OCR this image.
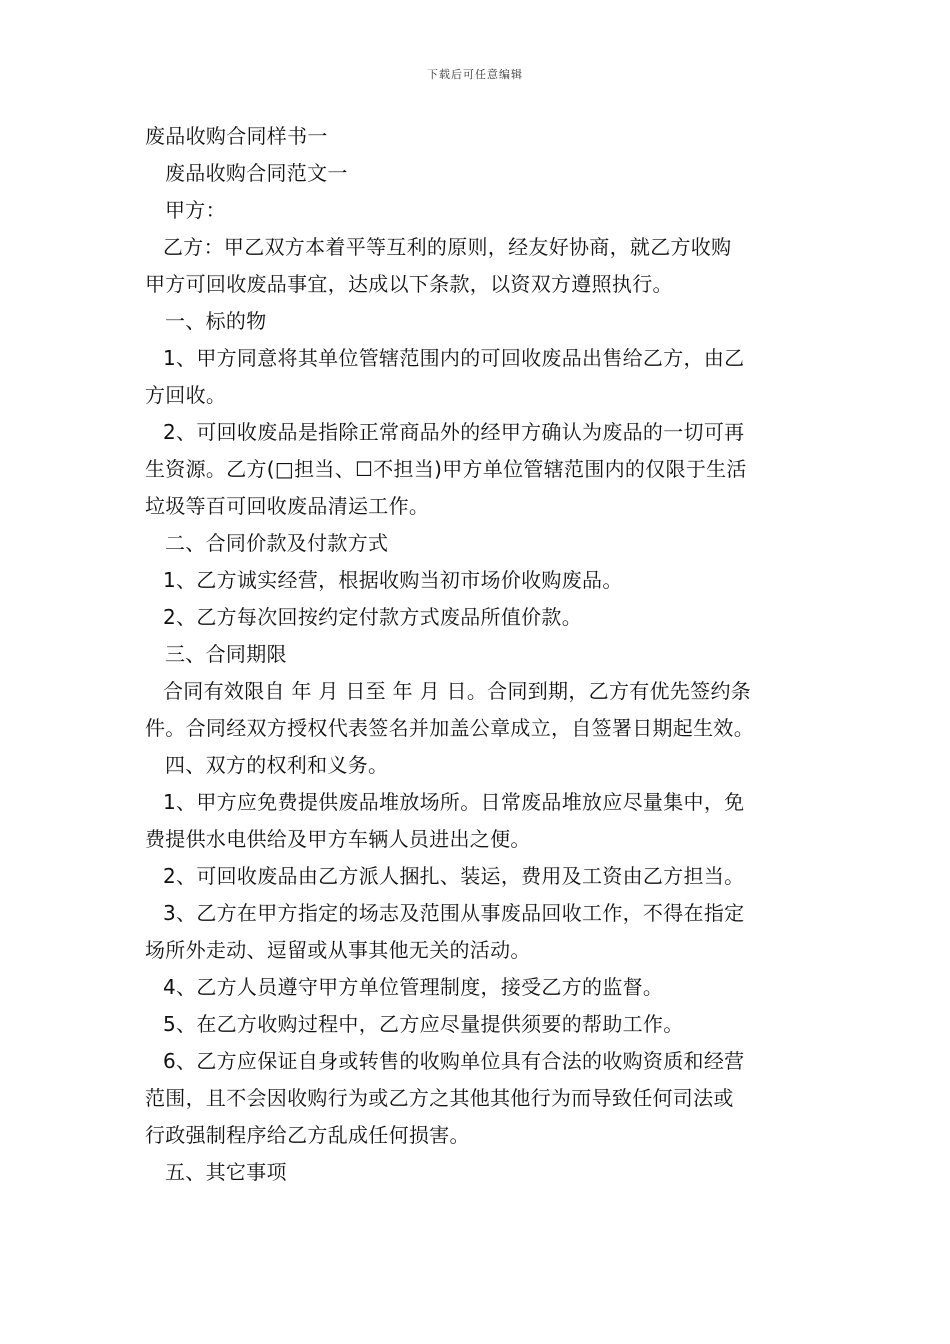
下载后可任意编辑
废品收购合同样书一
废品收购合同范文一
甲方：
乙方：甲乙双方本着平等互利的原则，经友好协商，就乙方收购
甲方可回收废品事宜，达成以下条款，以资双方遵照执行。
一、标的物
1、甲方同意将其单位管辖范围内的可回收废品出售给乙方，由乙
方回收。
2、可回收废品是指除正常商品外的经甲方确认为废品的一切可再
生资源。乙方(□担当、☐不担当)甲方单位管辖范围内的仅限于生活
垃圾等百可回收废品清运工作。
二、合同价款及付款方式
1、乙方诚实经营，根据收购当初市场价收购废品。
2、乙方每次回按约定付款方式废品所值价款。
三、合同期限
合同有效限自 年 月 日至 年 月 日。合同到期，乙方有优先签约条
件。合同经双方授权代表签名并加盖公章成立，自签署日期起生效。
四、双方的权利和义务。
1、甲方应免费提供废品堆放场所。日常废品堆放应尽量集中，免
费提供水电供给及甲方车辆人员进出之便。
2、可回收废品由乙方派人捆扎、装运，费用及工资由乙方担当。
3、乙方在甲方指定的场志及范围从事废品回收工作，不得在指定
场所外走动、逗留或从事其他无关的活动。
4、乙方人员遵守甲方单位管理制度，接受乙方的监督。
5、在乙方收购过程中，乙方应尽量提供须要的帮助工作。
6、乙方应保证自身或转售的收购单位具有合法的收购资质和经营
范围，且不会因收购行为或乙方之其他其他行为而导致任何司法或
行政强制程序给乙方乱成任何损害。
五、其它事项
